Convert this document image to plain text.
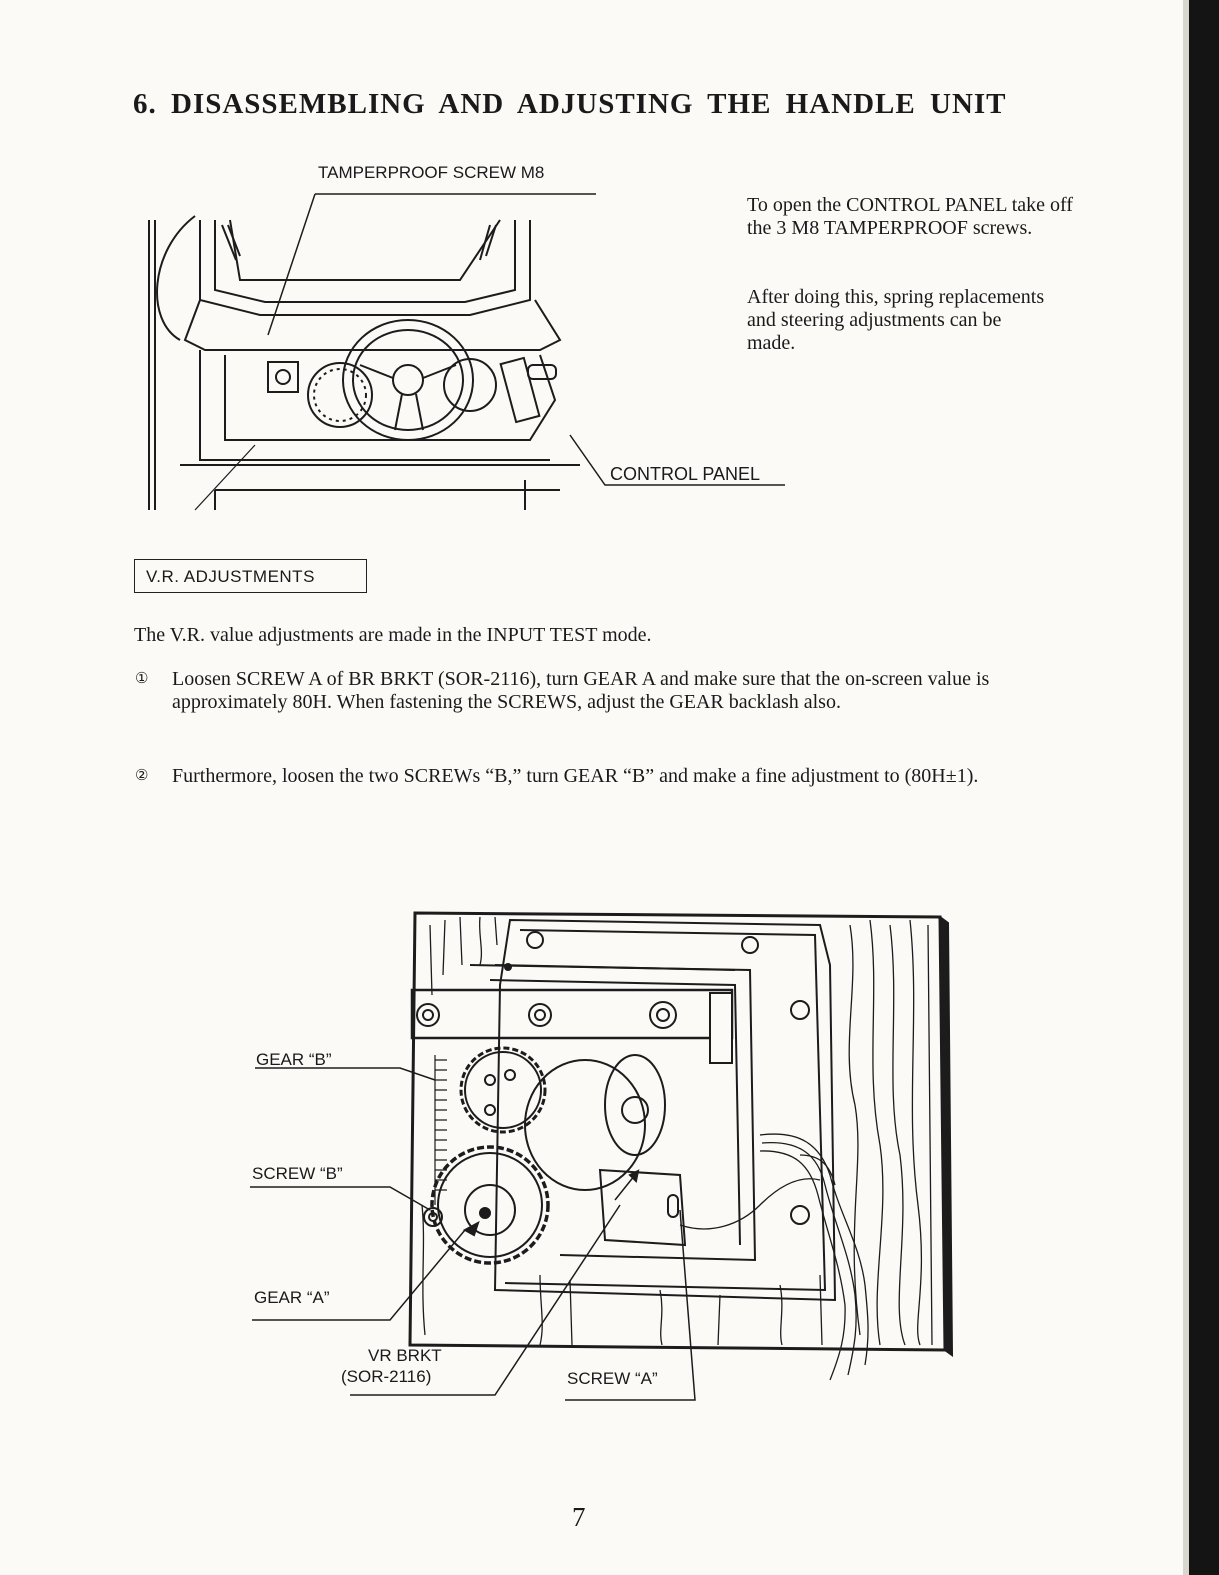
6. DISASSEMBLING AND ADJUSTING THE HANDLE UNIT
TAMPERPROOF SCREW M8
CONTROL PANEL
To open the CONTROL PANEL take off the 3 M8 TAMPERPROOF screws.
After doing this, spring replacements and steering adjustments can be made.
V.R. ADJUSTMENTS
The V.R. value adjustments are made in the INPUT TEST mode.
① Loosen SCREW A of BR BRKT (SOR-2116), turn GEAR A and make sure that the on-screen value is approximately 80H. When fastening the SCREWS, adjust the GEAR backlash also.
② Furthermore, loosen the two SCREWs “B,” turn GEAR “B” and make a fine adjustment to (80H±1).
GEAR “B”
SCREW “B”
GEAR “A”
VR BRKT
(SOR-2116)	SCREW “A”
7
